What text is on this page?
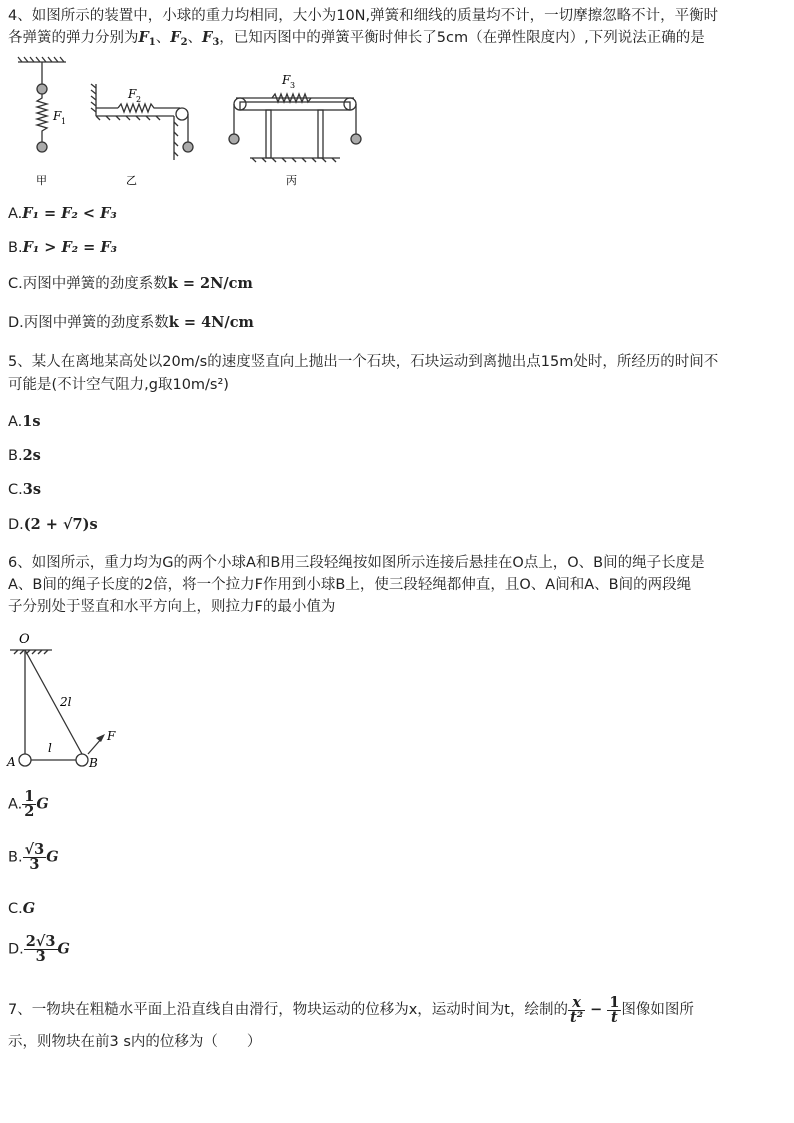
4、如图所示的装置中，小球的重力均相同，大小为10N,弹簧和细线的质量均不计，一切摩擦忽略不计，平衡时
各弹簧的弹力分别为$F_1$、$F_2$、$F_3$，已知丙图中的弹簧平衡时伸长了5cm（在弹性限度内）,下列说法正确的是
F 1
甲
F 2
乙
F 3
丙
A.F₁ = F₂ < F₃
B.F₁ > F₂ = F₃
C.丙图中弹簧的劲度系数k = 2N/cm
D.丙图中弹簧的劲度系数k = 4N/cm
5、某人在离地某高处以20m/s的速度竖直向上抛出一个石块，石块运动到离抛出点15m处时，所经历的时间不
可能是(不计空气阻力,g取10m/s²)
A.1s
B.2s
C.3s
D.(2 + √7)s
6、如图所示，重力均为G的两个小球A和B用三段轻绳按如图所示连接后悬挂在O点上，O、B间的绳子长度是
A、B间的绳子长度的2倍，将一个拉力F作用到小球B上，使三段轻绳都伸直，且O、A间和A、B间的两段绳
子分别处于竖直和水平方向上，则拉力F的最小值为
O
2l
l
A	B
F
A. $\frac{1}{2}$ G
B. $\frac{√3}{3}$ G
C.G
D. $\frac{2√3}{3}$ G
7、一物块在粗糙水平面上沿直线自由滑行，物块运动的位移为x，运动时间为t，绘制的 $\frac{x}{\text{t²}} - \frac{1}{t}$ 图像如图所
示，则物块在前3 s内的位移为（　　）
